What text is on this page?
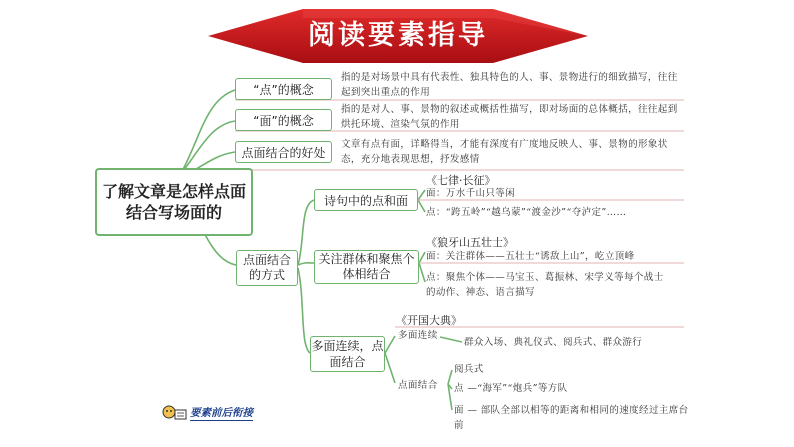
阅读要素指导
了解文章是怎样点面结合写场面的
“点”的概念
指的是对场景中具有代表性、独具特色的人、事、景物进行的细致描写，往往起到突出重点的作用
“面”的概念
指的是对人、事、景物的叙述或概括性描写，即对场面的总体概括，往往起到烘托环境、渲染气氛的作用
点面结合的好处
文章有点有面，详略得当，才能有深度有广度地反映人、事、景物的形象状态，充分地表现思想，抒发感情
点面结合的方式
诗句中的点和面
《七律·长征》
面：万水千山只等闲
点：“跨五岭”“越乌蒙”“渡金沙”“夺泸定”……
关注群体和聚焦个体相结合
《狼牙山五壮士》
面：关注群体——五壮士“诱敌上山”，屹立顶峰
点：聚焦个体——马宝玉、葛振林、宋学义等每个战士的动作、神态、语言描写
多面连续，点面结合
《开国大典》
多面连续
群众入场、典礼仪式、阅兵式、群众游行
点面结合
阅兵式
点 —“海军”“炮兵”等方队
面 — 部队全部以相等的距离和相同的速度经过主席台前
要素前后衔接
